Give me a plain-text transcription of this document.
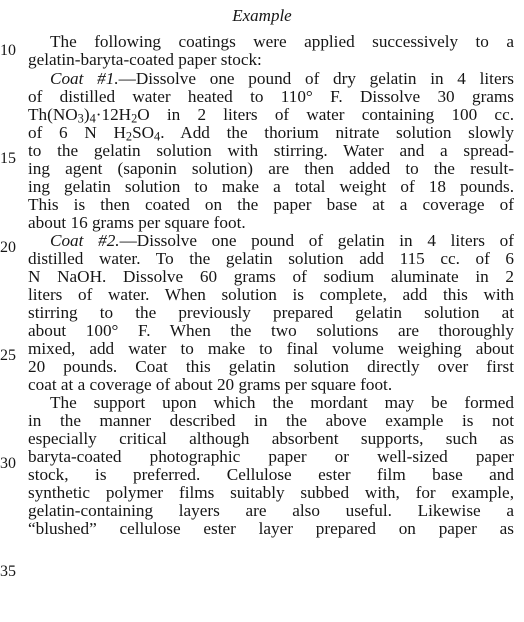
Example
10
15
20
25
30
35
The following coatings were applied successively to a
gelatin-baryta-coated paper stock:
Coat #1.—Dissolve one pound of dry gelatin in 4 liters
of distilled water heated to 110° F. Dissolve 30 grams
$Th(NO_3)_4\cdot 12H_2O$ in 2 liters of water containing 100 cc.
of 6 N $H_2SO_4$. Add the thorium nitrate solution slowly
to the gelatin solution with stirring. Water and a spread-
ing agent (saponin solution) are then added to the result-
ing gelatin solution to make a total weight of 18 pounds.
This is then coated on the paper base at a coverage of
about 16 grams per square foot.
Coat #2.—Dissolve one pound of gelatin in 4 liters of
distilled water. To the gelatin solution add 115 cc. of 6
N NaOH. Dissolve 60 grams of sodium aluminate in 2
liters of water. When solution is complete, add this with
stirring to the previously prepared gelatin solution at
about 100° F. When the two solutions are thoroughly
mixed, add water to make to final volume weighing about
20 pounds. Coat this gelatin solution directly over first
coat at a coverage of about 20 grams per square foot.
The support upon which the mordant may be formed
in the manner described in the above example is not
especially critical although absorbent supports, such as
baryta-coated photographic paper or well-sized paper
stock, is preferred. Cellulose ester film base and
synthetic polymer films suitably subbed with, for example,
gelatin-containing layers are also useful. Likewise a
“blushed” cellulose ester layer prepared on paper as
